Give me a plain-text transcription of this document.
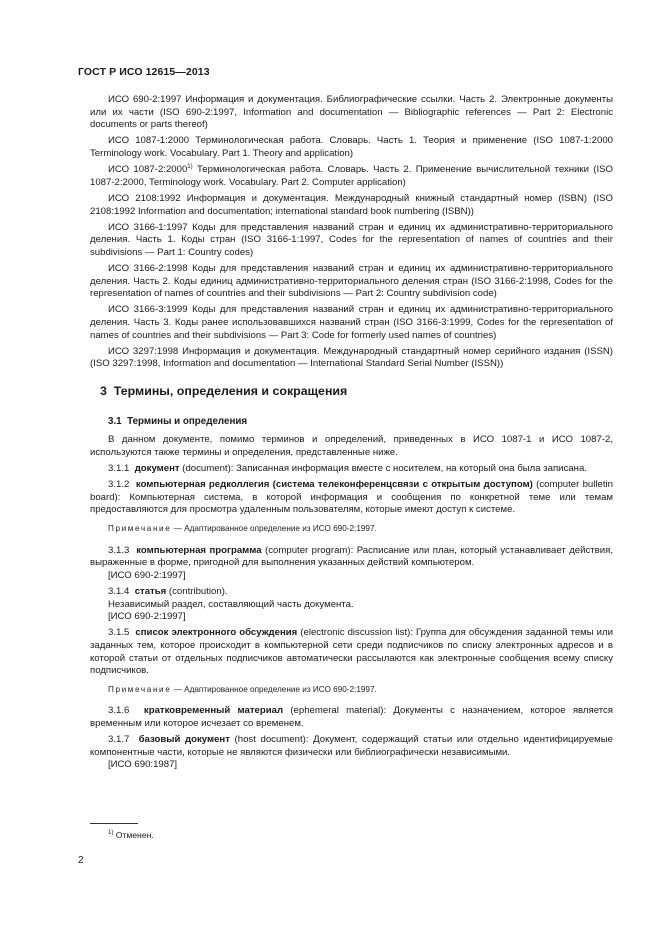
ГОСТ Р ИСО 12615—2013

ИСО 690-2:1997 Информация и документация. Библиографические ссылки. Часть 2. Электронные документы или их части (ISO 690-2:1997, Information and documentation — Bibliographic references — Part 2: Electronic documents or parts thereof)

ИСО 1087-1:2000 Терминологическая работа. Словарь. Часть 1. Теория и применение (ISO 1087-1:2000 Terminology work. Vocabulary. Part 1. Theory and application)

ИСО 1087-2:2000$^{1)}$ Терминологическая работа. Словарь. Часть 2. Применение вычислительной техники (ISO 1087-2:2000, Terminology work. Vocabulary. Part 2. Computer application)

ИСО 2108:1992 Информация и документация. Международный книжный стандартный номер (ISBN) (ISO 2108:1992 Information and documentation; international standard book numbering (ISBN))

ИСО 3166-1:1997 Коды для представления названий стран и единиц их административно-территориального деления. Часть 1. Коды стран (ISO 3166-1:1997, Codes for the representation of names of countries and their subdivisions — Part 1: Country codes)

ИСО 3166-2:1998 Коды для представления названий стран и единиц их административно-территориального деления. Часть 2. Коды единиц административно-территориального деления стран (ISO 3166-2:1998, Codes for the representation of names of countries and their subdivisions — Part 2: Country subdivision code)

ИСО 3166-3:1999 Коды для представления названий стран и единиц их административно-территориального деления. Часть 3. Коды ранее использовавшихся названий стран (ISO 3166-3:1999, Codes for the representation of names of countries and their subdivisions — Part 3: Code for formerly used names of countries)

ИСО 3297:1998 Информация и документация. Международный стандартный номер серийного издания (ISSN) (ISO 3297:1998, Information and documentation — International Standard Serial Number (ISSN))

3 Термины, определения и сокращения
3.1 Термины и определения

В данном документе, помимо терминов и определений, приведенных в ИСО 1087-1 и ИСО 1087-2, используются также термины и определения, представленные ниже.

3.1.1 документ (document): Записанная информация вместе с носителем, на который она была записана.

3.1.2 компьютерная редколлегия (система телеконференцсвязи с открытым доступом) (computer bulletin board): Компьютерная система, в которой информация и сообщения по конкретной теме или темам предоставляются для просмотра удаленным пользователям, которые имеют доступ к системе.

Примечание — Адаптированное определение из ИСО 690-2:1997.

3.1.3 компьютерная программа (computer program): Расписание или план, который устанавливает действия, выраженные в форме, пригодной для выполнения указанных действий компьютером.

[ИСО 690-2:1997]

3.1.4 статья (contribution).

Независимый раздел, составляющий часть документа.

[ИСО 690-2:1997]

3.1.5 список электронного обсуждения (electronic discussion list): Группа для обсуждения заданной темы или заданных тем, которое происходит в компьютерной сети среди подписчиков по списку электронных адресов и в которой статьи от отдельных подписчиков автоматически рассылаются как электронные сообщения всему списку подписчиков.

Примечание — Адаптированное определение из ИСО 690-2:1997.

3.1.6 кратковременный материал (ephemeral material): Документы с назначением, которое является временным или которое исчезает со временем.

3.1.7 базовый документ (host document): Документ, содержащий статьи или отдельно идентифицируемые компонентные части, которые не являются физически или библиографически независимыми.

[ИСО 690:1987]

$^{1)}$ Отменен.
2
